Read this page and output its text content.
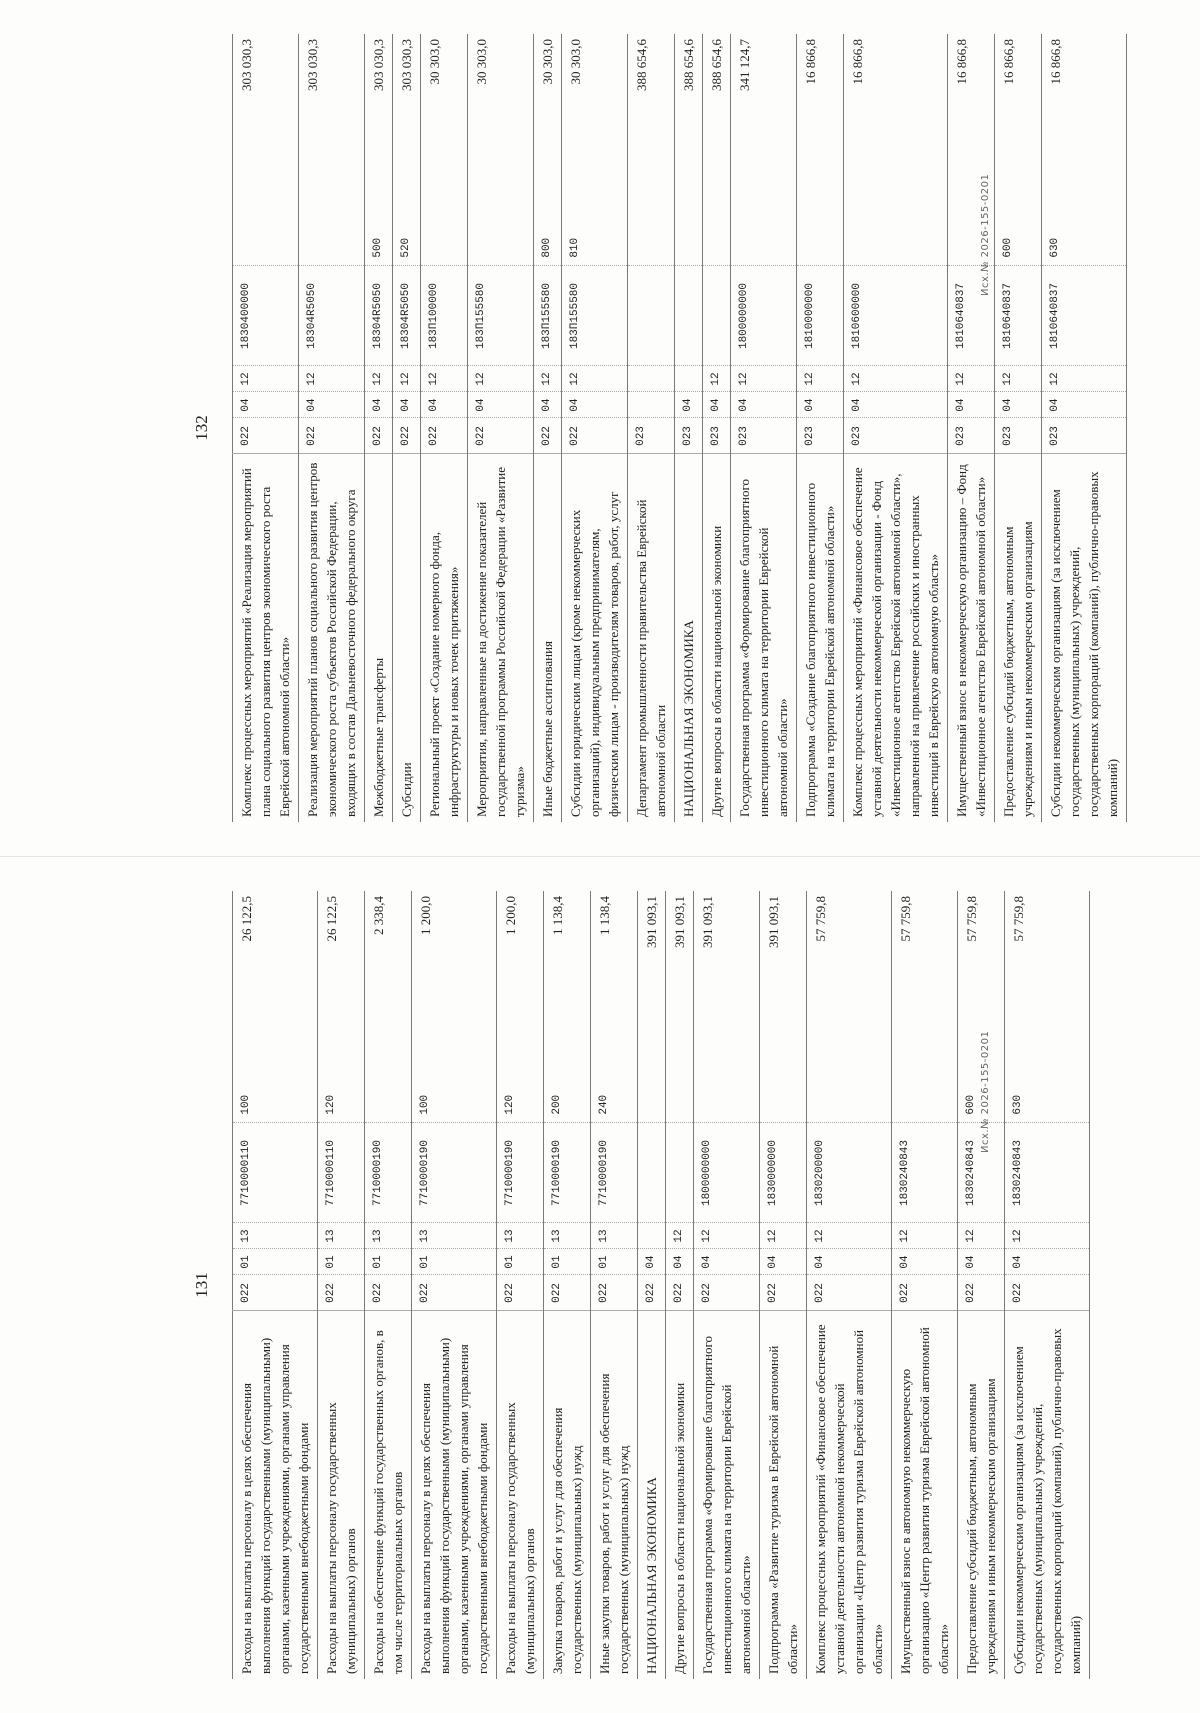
132
Комплекс процессных мероприятий «Реализация мероприятий плана социального развития центров экономического роста Еврейской автономной области»	022	04	12	1830400000		303 030,3
Реализация мероприятий планов социального развития центров экономического роста субъектов Российской Федерации, входящих в состав Дальневосточного федерального округа	022	04	12	18304R5050		303 030,3
Межбюджетные трансферты	022	04	12	18304R5050	500	303 030,3
Субсидии	022	04	12	18304R5050	520	303 030,3
Региональный проект «Создание номерного фонда, инфраструктуры и новых точек притяжения»	022	04	12	183П100000		30 303,0
Мероприятия, направленные на достижение показателей государственной программы Российской Федерации «Развитие туризма»	022	04	12	183П155580		30 303,0
Иные бюджетные ассигнования	022	04	12	183П155580	800	30 303,0
Субсидии юридическим лицам (кроме некоммерческих организаций), индивидуальным предпринимателям, физическим лицам - производителям товаров, работ, услуг	022	04	12	183П155580	810	30 303,0
Департамент промышленности правительства Еврейской автономной области	023					388 654,6
НАЦИОНАЛЬНАЯ ЭКОНОМИКА	023	04				388 654,6
Другие вопросы в области национальной экономики	023	04	12			388 654,6
Государственная программа «Формирование благоприятного инвестиционного климата на территории Еврейской автономной области»	023	04	12	1800000000		341 124,7
Подпрограмма «Создание благоприятного инвестиционного климата на территории Еврейской автономной области»	023	04	12	1810000000		16 866,8
Комплекс процессных мероприятий «Финансовое обеспечение уставной деятельности некоммерческой организации - Фонд «Инвестиционное агентство Еврейской автономной области», направленной на привлечение российских и иностранных инвестиций в Еврейскую автономную область»	023	04	12	1810600000		16 866,8
Имущественный взнос в некоммерческую организацию – Фонд «Инвестиционное агентство Еврейской автономной области»	023	04	12	1810640837		16 866,8
Предоставление субсидий бюджетным, автономным учреждениям и иным некоммерческим организациям	023	04	12	1810640837	600	16 866,8
Субсидии некоммерческим организациям (за исключением государственных (муниципальных) учреждений, государственных корпораций (компаний), публично-правовых компаний)	023	04	12	1810640837	630	16 866,8
Исх.№ 2026-155-0201
131
Расходы на выплаты персоналу в целях обеспечения выполнения функций государственными (муниципальными) органами, казенными учреждениями, органами управления государственными внебюджетными фондами	022	01	13	7710000110	100	26 122,5
Расходы на выплаты персоналу государственных (муниципальных) органов	022	01	13	7710000110	120	26 122,5
Расходы на обеспечение функций государственных органов, в том числе территориальных органов	022	01	13	7710000190		2 338,4
Расходы на выплаты персоналу в целях обеспечения выполнения функций государственными (муниципальными) органами, казенными учреждениями, органами управления государственными внебюджетными фондами	022	01	13	7710000190	100	1 200,0
Расходы на выплаты персоналу государственных (муниципальных) органов	022	01	13	7710000190	120	1 200,0
Закупка товаров, работ и услуг для обеспечения государственных (муниципальных) нужд	022	01	13	7710000190	200	1 138,4
Иные закупки товаров, работ и услуг для обеспечения государственных (муниципальных) нужд	022	01	13	7710000190	240	1 138,4
НАЦИОНАЛЬНАЯ ЭКОНОМИКА	022	04				391 093,1
Другие вопросы в области национальной экономики	022	04	12			391 093,1
Государственная программа «Формирование благоприятного инвестиционного климата на территории Еврейской автономной области»	022	04	12	1800000000		391 093,1
Подпрограмма «Развитие туризма в Еврейской автономной области»	022	04	12	1830000000		391 093,1
Комплекс процессных мероприятий «Финансовое обеспечение уставной деятельности автономной некоммерческой организации «Центр развития туризма Еврейской автономной области»	022	04	12	1830200000		57 759,8
Имущественный взнос в автономную некоммерческую организацию «Центр развития туризма Еврейской автономной области»	022	04	12	1830240843		57 759,8
Предоставление субсидий бюджетным, автономным учреждениям и иным некоммерческим организациям	022	04	12	1830240843	600	57 759,8
Субсидии некоммерческим организациям (за исключением государственных (муниципальных) учреждений, государственных корпораций (компаний), публично-правовых компаний)	022	04	12	1830240843	630	57 759,8
Исх.№ 2026-155-0201
